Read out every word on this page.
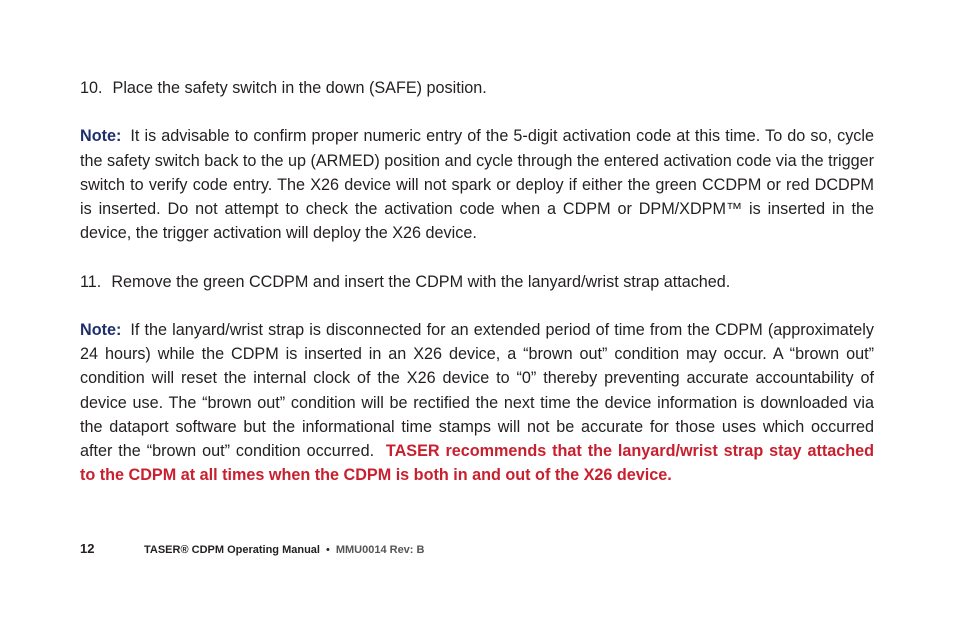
10. Place the safety switch in the down (SAFE) position.

Note: It is advisable to confirm proper numeric entry of the 5-digit activation code at this time. To do so, cycle the safety switch back to the up (ARMED) position and cycle through the entered activation code via the trigger switch to verify code entry. The X26 device will not spark or deploy if either the green CCDPM or red DCDPM is inserted. Do not attempt to check the activation code when a CDPM or DPM/XDPM™ is inserted in the device, the trigger activation will deploy the X26 device.

11. Remove the green CCDPM and insert the CDPM with the lanyard/wrist strap attached.

Note: If the lanyard/wrist strap is disconnected for an extended period of time from the CDPM (approximately 24 hours) while the CDPM is inserted in an X26 device, a “brown out” condition may occur. A “brown out” condition will reset the internal clock of the X26 device to “0” thereby preventing accurate accountability of device use. The “brown out” condition will be rectified the next time the device information is downloaded via the dataport software but the informational time stamps will not be accurate for those uses which occurred after the “brown out” condition occurred. TASER recommends that the lanyard/wrist strap stay attached to the CDPM at all times when the CDPM is both in and out of the X26 device.

12	TASER® CDPM Operating Manual • MMU0014 Rev: B
